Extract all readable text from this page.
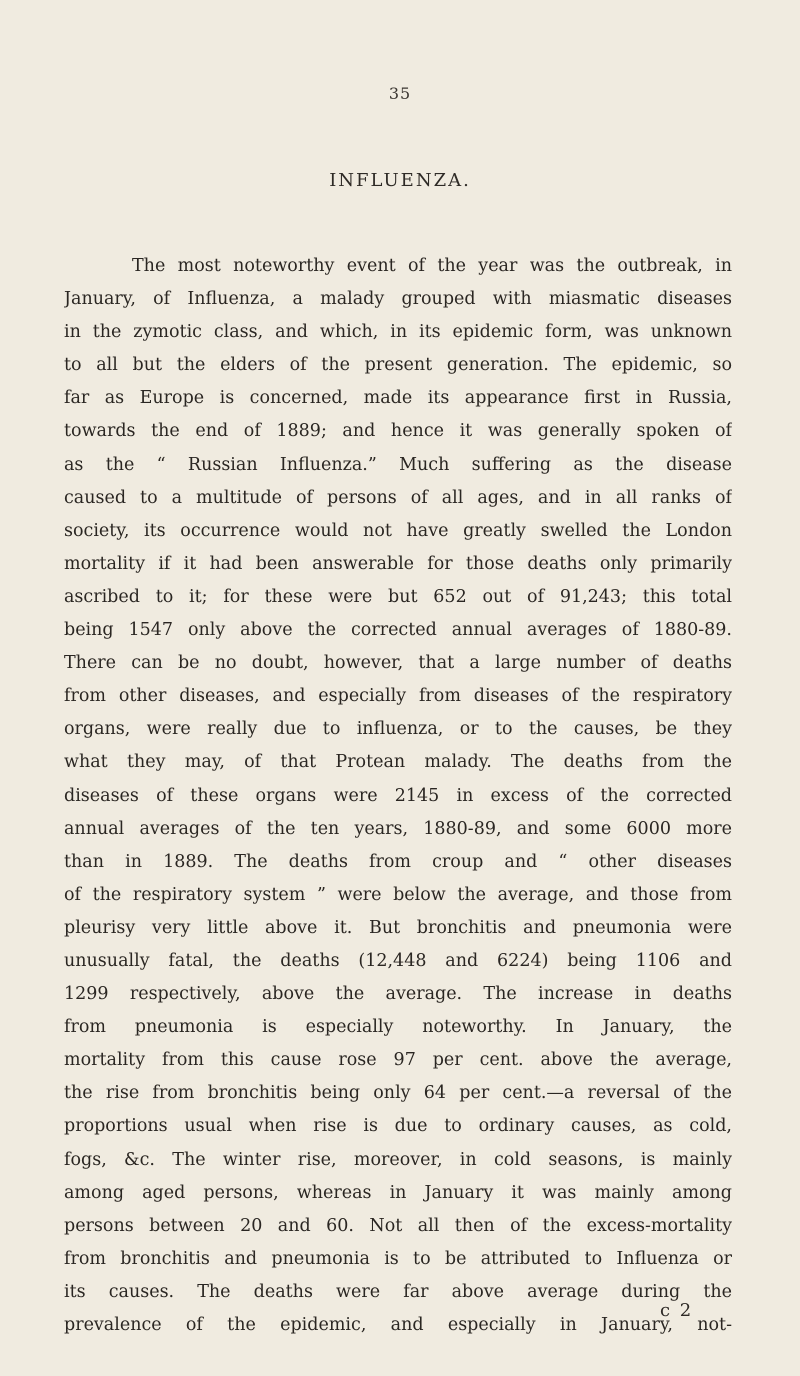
35
INFLUENZA.
The most noteworthy event of the year was the outbreak, in
January, of Influenza, a malady grouped with miasmatic diseases
in the zymotic class, and which, in its epidemic form, was unknown
to all but the elders of the present generation. The epidemic, so
far as Europe is concerned, made its appearance first in Russia,
towards the end of 1889; and hence it was generally spoken of
as the “ Russian Influenza.” Much suffering as the disease
caused to a multitude of persons of all ages, and in all ranks of
society, its occurrence would not have greatly swelled the London
mortality if it had been answerable for those deaths only primarily
ascribed to it; for these were but 652 out of 91,243; this total
being 1547 only above the corrected annual averages of 1880-89.
There can be no doubt, however, that a large number of deaths
from other diseases, and especially from diseases of the respiratory
organs, were really due to influenza, or to the causes, be they
what they may, of that Protean malady. The deaths from the
diseases of these organs were 2145 in excess of the corrected
annual averages of the ten years, 1880-89, and some 6000 more
than in 1889. The deaths from croup and “ other diseases
of the respiratory system ” were below the average, and those from
pleurisy very little above it. But bronchitis and pneumonia were
unusually fatal, the deaths (12,448 and 6224) being 1106 and
1299 respectively, above the average. The increase in deaths
from pneumonia is especially noteworthy. In January, the
mortality from this cause rose 97 per cent. above the average,
the rise from bronchitis being only 64 per cent.—a reversal of the
proportions usual when rise is due to ordinary causes, as cold,
fogs, &c. The winter rise, moreover, in cold seasons, is mainly
among aged persons, whereas in January it was mainly among
persons between 20 and 60. Not all then of the excess-mortality
from bronchitis and pneumonia is to be attributed to Influenza or
its causes. The deaths were far above average during the
prevalence of the epidemic, and especially in January, not-
c 2
